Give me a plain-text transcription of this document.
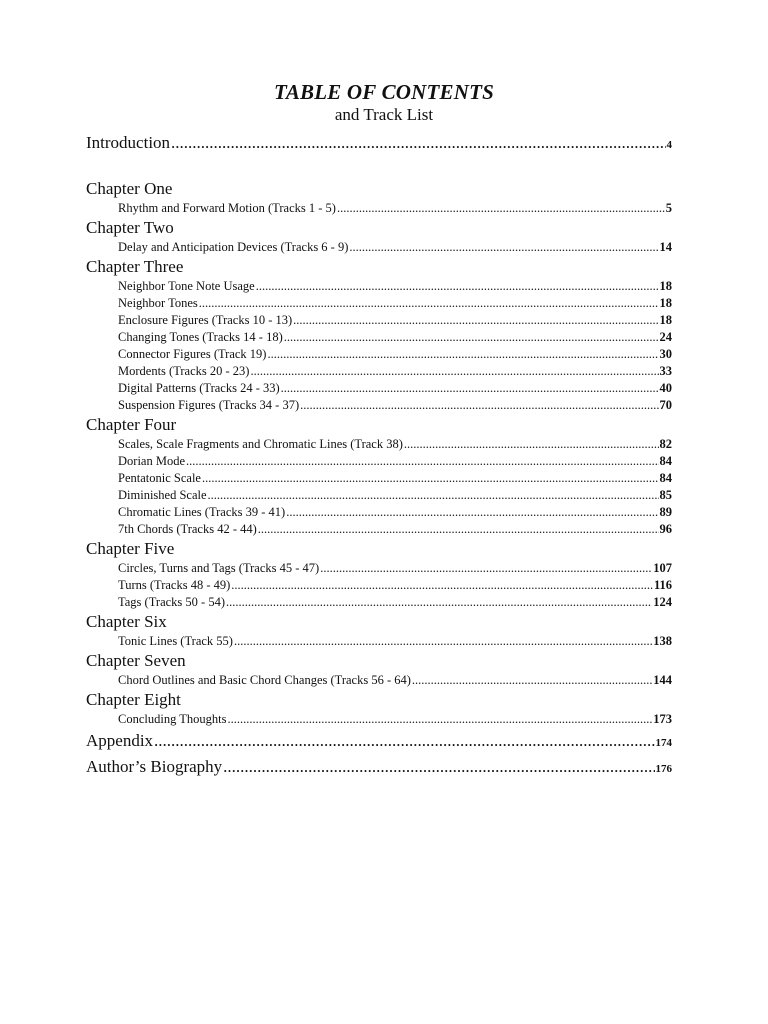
TABLE OF CONTENTS
and Track List
Introduction .....	4
Chapter One
Rhythm and Forward Motion (Tracks 1 - 5) .....	5
Chapter Two
Delay and Anticipation Devices (Tracks 6 - 9) .....	14
Chapter Three
Neighbor Tone Note Usage .....	18
Neighbor Tones .....	18
Enclosure Figures (Tracks 10 - 13) .....	18
Changing Tones (Tracks 14 - 18) .....	24
Connector Figures (Track 19) .....	30
Mordents (Tracks 20 - 23) .....	33
Digital Patterns (Tracks 24 - 33) .....	40
Suspension Figures (Tracks 34 - 37) .....	70
Chapter Four
Scales, Scale Fragments and Chromatic Lines (Track 38) .....	82
Dorian Mode .....	84
Pentatonic Scale .....	84
Diminished Scale .....	85
Chromatic Lines (Tracks 39 - 41) .....	89
7th Chords (Tracks 42 - 44) .....	96
Chapter Five
Circles, Turns and Tags (Tracks 45 - 47) .....	107
Turns (Tracks 48 - 49) .....	116
Tags (Tracks 50 - 54) .....	124
Chapter Six
Tonic Lines (Track 55) .....	138
Chapter Seven
Chord Outlines and Basic Chord Changes (Tracks 56 - 64) .....	144
Chapter Eight
Concluding Thoughts .....	173
Appendix .....	174
Author’s Biography .....	176
